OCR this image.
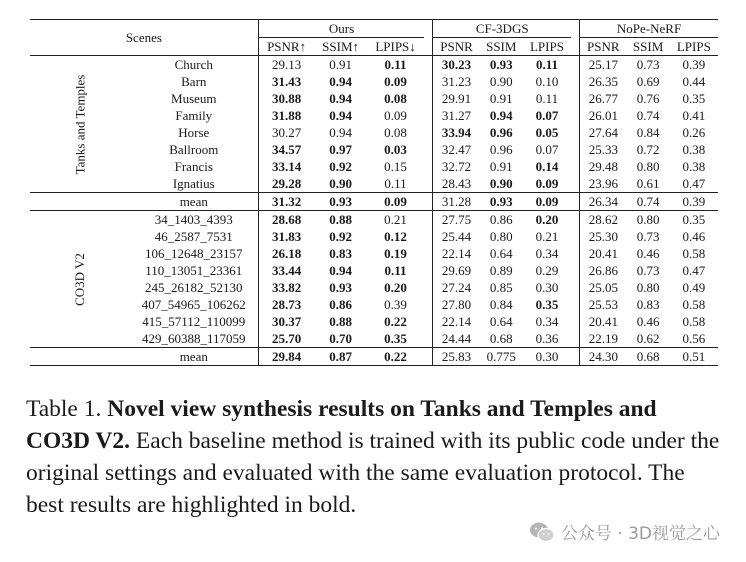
Scenes		Ours				CF-3DGS				NoPe-NeRF		
		PSNR↑	SSIM↑	LPIPS↓		PSNR	SSIM	LPIPS		PSNR	SSIM	LPIPS
Tanks and Temples	Church	29.13	0.91	0.11		30.23	0.93	0.11		25.17	0.73	0.39
	Barn	31.43	0.94	0.09		31.23	0.90	0.10		26.35	0.69	0.44
	Museum	30.88	0.94	0.08		29.91	0.91	0.11		26.77	0.76	0.35
	Family	31.88	0.94	0.09		31.27	0.94	0.07		26.01	0.74	0.41
	Horse	30.27	0.94	0.08		33.94	0.96	0.05		27.64	0.84	0.26
	Ballroom	34.57	0.97	0.03		32.47	0.96	0.07		25.33	0.72	0.38
	Francis	33.14	0.92	0.15		32.72	0.91	0.14		29.48	0.80	0.38
	Ignatius	29.28	0.90	0.11		28.43	0.90	0.09		23.96	0.61	0.47
	mean	31.32	0.93	0.09		31.28	0.93	0.09		26.34	0.74	0.39
CO3D V2	34_1403_4393	28.68	0.88	0.21		27.75	0.86	0.20		28.62	0.80	0.35
	46_2587_7531	31.83	0.92	0.12		25.44	0.80	0.21		25.30	0.73	0.46
	106_12648_23157	26.18	0.83	0.19		22.14	0.64	0.34		20.41	0.46	0.58
	110_13051_23361	33.44	0.94	0.11		29.69	0.89	0.29		26.86	0.73	0.47
	245_26182_52130	33.82	0.93	0.20		27.24	0.85	0.30		25.05	0.80	0.49
	407_54965_106262	28.73	0.86	0.39		27.80	0.84	0.35		25.53	0.83	0.58
	415_57112_110099	30.37	0.88	0.22		22.14	0.64	0.34		20.41	0.46	0.58
	429_60388_117059	25.70	0.70	0.35		24.44	0.68	0.36		22.19	0.62	0.56
	mean	29.84	0.87	0.22		25.83	0.775	0.30		24.30	0.68	0.51
Table 1. Novel view synthesis results on Tanks and Temples and CO3D V2. Each baseline method is trained with its public code under the original settings and evaluated with the same evaluation protocol. The best results are highlighted in bold.
公众号 · 3D视觉之心
